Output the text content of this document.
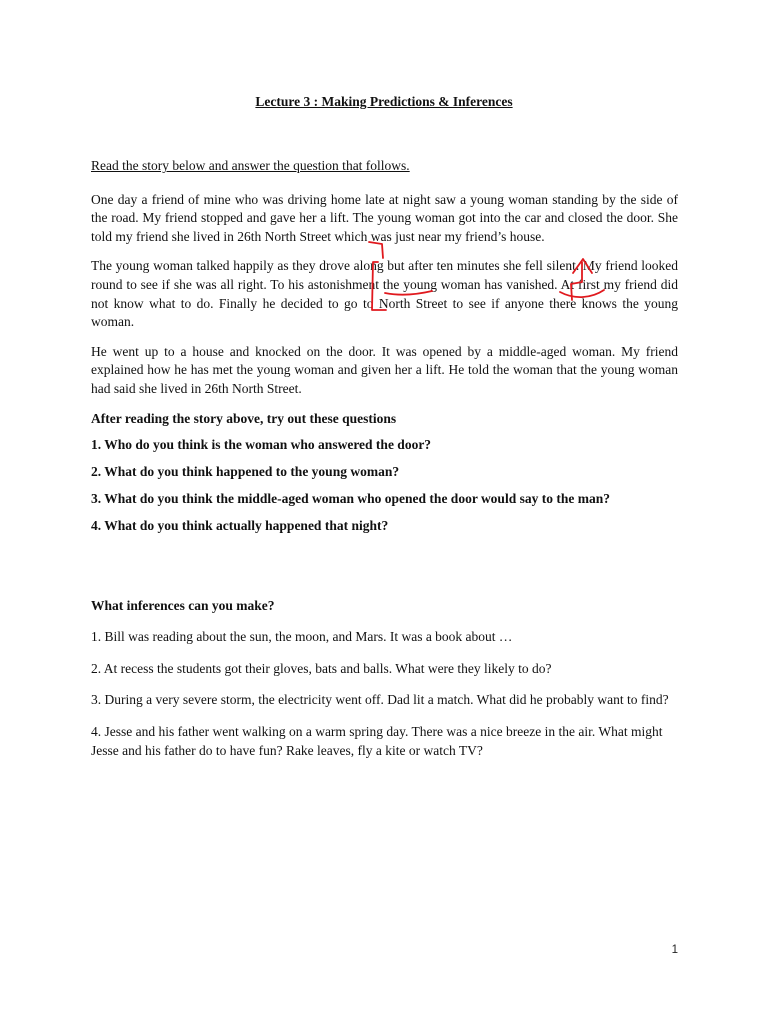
Lecture 3 : Making Predictions & Inferences

Read the story below and answer the question that follows.

One day a friend of mine who was driving home late at night saw a young woman standing by the side of the road. My friend stopped and gave her a lift. The young woman got into the car and closed the door. She told my friend she lived in 26th North Street which was just near my friend’s house.

The young woman talked happily as they drove along but after ten minutes she fell silent. My friend looked round to see if she was all right. To his astonishment the young woman has vanished. At first my friend did not know what to do. Finally he decided to go to North Street to see if anyone there knows the young woman.

He went up to a house and knocked on the door. It was opened by a middle-aged woman. My friend explained how he has met the young woman and given her a lift. He told the woman that the young woman had said she lived in 26th North Street.

After reading the story above, try out these questions

1. Who do you think is the woman who answered the door?

2. What do you think happened to the young woman?

3. What do you think the middle-aged woman who opened the door would say to the man?

4. What do you think actually happened that night?

What inferences can you make?

1. Bill was reading about the sun, the moon, and Mars. It was a book about …

2. At recess the students got their gloves, bats and balls. What were they likely to do?

3. During a very severe storm, the electricity went off. Dad lit a match. What did he probably want to find?

4. Jesse and his father went walking on a warm spring day. There was a nice breeze in the air. What might Jesse and his father do to have fun? Rake leaves, fly a kite or watch TV?

1
